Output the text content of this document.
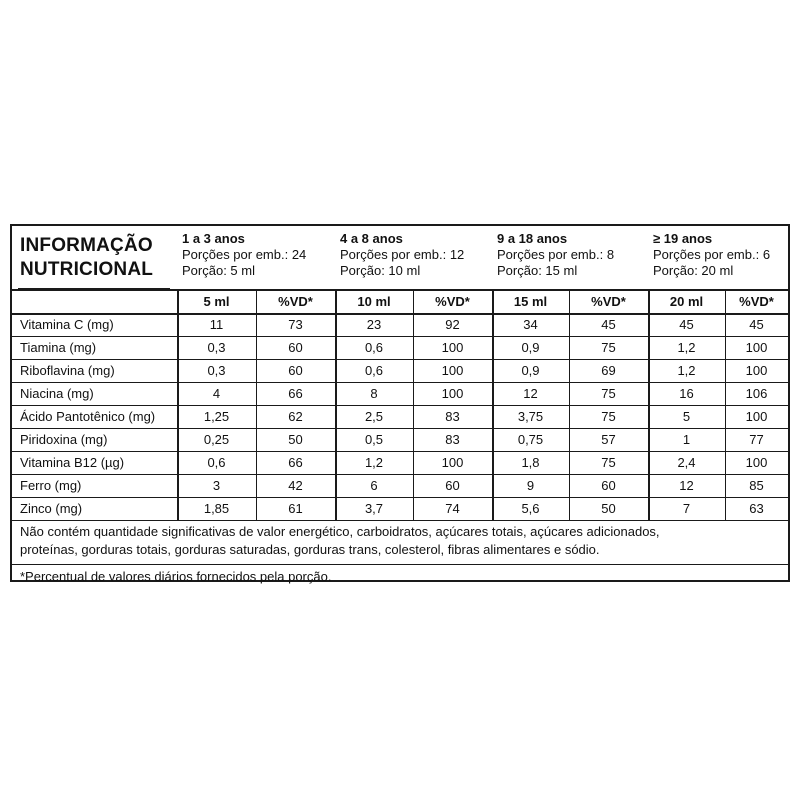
INFORMAÇÃO
NUTRICIONAL
1 a 3 anos
Porções por emb.: 24
Porção: 5 ml
4 a 8 anos
Porções por emb.: 12
Porção: 10 ml
9 a 18 anos
Porções por emb.: 8
Porção: 15 ml
≥ 19 anos
Porções por emb.: 6
Porção: 20 ml
5 ml	%VD*	10 ml	%VD*	15 ml	%VD*	20 ml	%VD*
Vitamina C (mg)	11	73	23	92	34	45	45	45
Tiamina (mg)	0,3	60	0,6	100	0,9	75	1,2	100
Riboflavina (mg)	0,3	60	0,6	100	0,9	69	1,2	100
Niacina (mg)	4	66	8	100	12	75	16	106
Ácido Pantotênico (mg)	1,25	62	2,5	83	3,75	75	5	100
Piridoxina (mg)	0,25	50	0,5	83	0,75	57	1	77
Vitamina B12 (µg)	0,6	66	1,2	100	1,8	75	2,4	100
Ferro (mg)	3	42	6	60	9	60	12	85
Zinco (mg)	1,85	61	3,7	74	5,6	50	7	63
Não contém quantidade significativas de valor energético, carboidratos, açúcares totais, açúcares adicionados,
proteínas, gorduras totais, gorduras saturadas, gorduras trans, colesterol, fibras alimentares e sódio.
*Percentual de valores diários fornecidos pela porção.
